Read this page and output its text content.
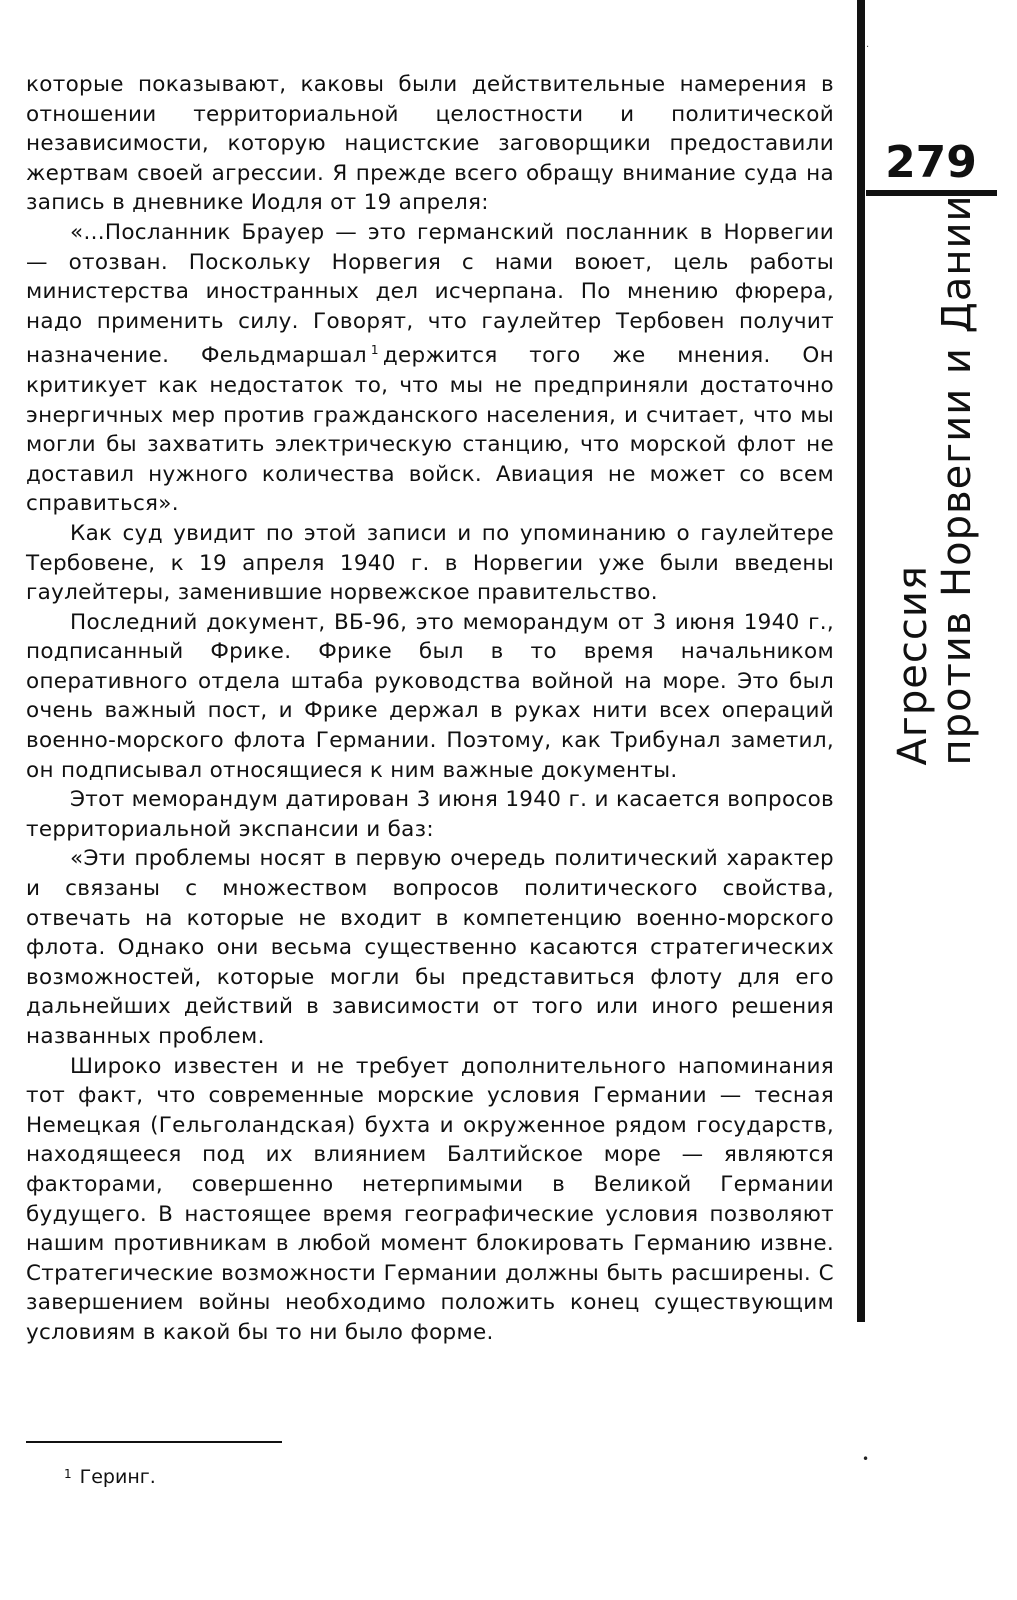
279
Агрессия
против Норвегии и Дании
·

которые показывают, каковы были действительные намерения в отношении территориальной целостности и политической независимости, которую нацистские заговорщики предоставили жертвам своей агрессии. Я прежде всего обращу внимание суда на запись в дневнике Иодля от 19 апреля:

«...Посланник Брауер — это германский посланник в Норвегии — отозван. Поскольку Норвегия с нами воюет, цель работы министерства иностранных дел исчерпана. По мнению фюрера, надо применить силу. Говорят, что гаулейтер Тербовен получит назначение. Фельдмаршал $^1$ держится того же мнения. Он критикует как недостаток то, что мы не предприняли достаточно энергичных мер против гражданского населения, и считает, что мы могли бы захватить электрическую станцию, что морской флот не доставил нужного количества войск. Авиация не может со всем справиться».

Как суд увидит по этой записи и по упоминанию о гаулейтере Тербовене, к 19 апреля 1940 г. в Норвегии уже были введены гаулейтеры, заменившие норвежское правительство.

Последний документ, ВБ-96, это меморандум от 3 июня 1940 г., подписанный Фрике. Фрике был в то время начальником оперативного отдела штаба руководства войной на море. Это был очень важный пост, и Фрике держал в руках нити всех операций военно-морского флота Германии. Поэтому, как Трибунал заметил, он подписывал относящиеся к ним важные документы.

Этот меморандум датирован 3 июня 1940 г. и касается вопросов территориальной экспансии и баз:

«Эти проблемы носят в первую очередь политический характер и связаны с множеством вопросов политического свойства, отвечать на которые не входит в компетенцию военно-морского флота. Однако они весьма существенно касаются стратегических возможностей, которые могли бы представиться флоту для его дальнейших действий в зависимости от того или иного решения названных проблем.

Широко известен и не требует дополнительного напоминания тот факт, что современные морские условия Германии — тесная Немецкая (Гельголандская) бухта и окруженное рядом государств, находящееся под их влиянием Балтийское море — являются факторами, совершенно нетерпимыми в Великой Германии будущего. В настоящее время географические условия позволяют нашим противникам в любой момент блокировать Германию извне. Стратегические возможности Германии должны быть расширены. С завершением войны необходимо положить конец существующим условиям в какой бы то ни было форме.

$^1$ Геринг.
•
